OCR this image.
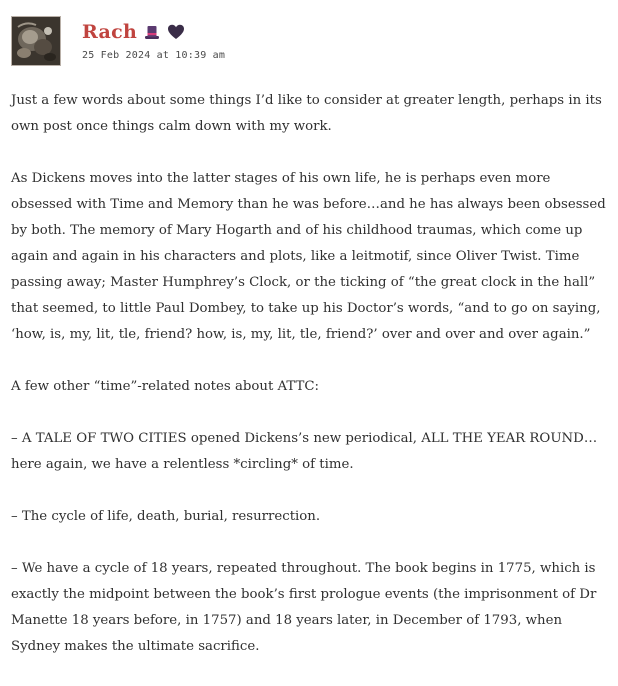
Rach
25 Feb 2024 at 10:39 am

Just a few words about some things I’d like to consider at greater length, perhaps in its own post once things calm down with my work.

As Dickens moves into the latter stages of his own life, he is perhaps even more obsessed with Time and Memory than he was before…and he has always been obsessed by both. The memory of Mary Hogarth and of his childhood traumas, which come up again and again in his characters and plots, like a leitmotif, since Oliver Twist. Time passing away; Master Humphrey’s Clock, or the ticking of “the great clock in the hall” that seemed, to little Paul Dombey, to take up his Doctor’s words, “and to go on saying, ‘how, is, my, lit, tle, friend? how, is, my, lit, tle, friend?’ over and over and over again.”

A few other “time”-related notes about ATTC:

– A TALE OF TWO CITIES opened Dickens’s new periodical, ALL THE YEAR ROUND…here again, we have a relentless *circling* of time.

– The cycle of life, death, burial, resurrection.

– We have a cycle of 18 years, repeated throughout. The book begins in 1775, which is exactly the midpoint between the book’s first prologue events (the imprisonment of Dr Manette 18 years before, in 1757) and 18 years later, in December of 1793, when Sydney makes the ultimate sacrifice.
